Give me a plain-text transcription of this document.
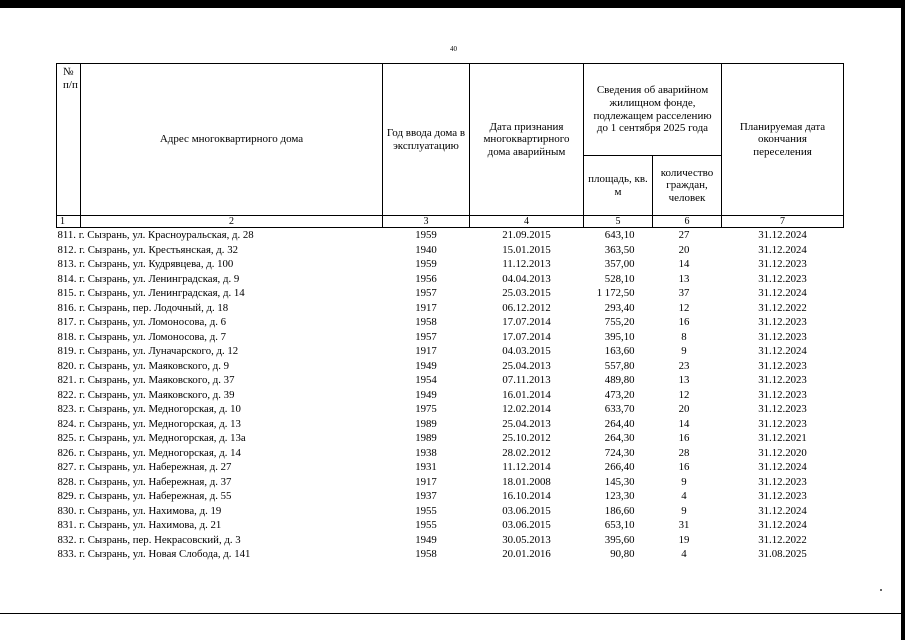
40
№
п/п	Адрес многоквартирного дома	Год ввода дома в эксплуатацию	Дата признания многоквартирного дома аварийным	Сведения об аварийном жилищном фонде, подлежащем расселению до 1 сентября 2025 года		Планируемая дата окончания переселения
				площадь, кв. м	количество граждан, человек	
1	2	3	4	5	6	7
811. г. Сызрань, ул. Красноуральская, д. 28		1959	21.09.2015	643,10	27	31.12.2024
812. г. Сызрань, ул. Крестьянская, д. 32		1940	15.01.2015	363,50	20	31.12.2024
813. г. Сызрань, ул. Кудрявцева, д. 100		1959	11.12.2013	357,00	14	31.12.2023
814. г. Сызрань, ул. Ленинградская, д. 9		1956	04.04.2013	528,10	13	31.12.2023
815. г. Сызрань, ул. Ленинградская, д. 14		1957	25.03.2015	1 172,50	37	31.12.2024
816. г. Сызрань, пер. Лодочный, д. 18		1917	06.12.2012	293,40	12	31.12.2022
817. г. Сызрань, ул. Ломоносова, д. 6		1958	17.07.2014	755,20	16	31.12.2023
818. г. Сызрань, ул. Ломоносова, д. 7		1957	17.07.2014	395,10	8	31.12.2023
819. г. Сызрань, ул. Луначарского, д. 12		1917	04.03.2015	163,60	9	31.12.2024
820. г. Сызрань, ул. Маяковского, д. 9		1949	25.04.2013	557,80	23	31.12.2023
821. г. Сызрань, ул. Маяковского, д. 37		1954	07.11.2013	489,80	13	31.12.2023
822. г. Сызрань, ул. Маяковского, д. 39		1949	16.01.2014	473,20	12	31.12.2023
823. г. Сызрань, ул. Медногорская, д. 10		1975	12.02.2014	633,70	20	31.12.2023
824. г. Сызрань, ул. Медногорская, д. 13		1989	25.04.2013	264,40	14	31.12.2023
825. г. Сызрань, ул. Медногорская, д. 13а		1989	25.10.2012	264,30	16	31.12.2021
826. г. Сызрань, ул. Медногорская, д. 14		1938	28.02.2012	724,30	28	31.12.2020
827. г. Сызрань, ул. Набережная, д. 27		1931	11.12.2014	266,40	16	31.12.2024
828. г. Сызрань, ул. Набережная, д. 37		1917	18.01.2008	145,30	9	31.12.2023
829. г. Сызрань, ул. Набережная, д. 55		1937	16.10.2014	123,30	4	31.12.2023
830. г. Сызрань, ул. Нахимова, д. 19		1955	03.06.2015	186,60	9	31.12.2024
831. г. Сызрань, ул. Нахимова, д. 21		1955	03.06.2015	653,10	31	31.12.2024
832. г. Сызрань, пер. Некрасовский, д. 3		1949	30.05.2013	395,60	19	31.12.2022
833. г. Сызрань, ул. Новая Слобода, д. 141		1958	20.01.2016	90,80	4	31.08.2025
